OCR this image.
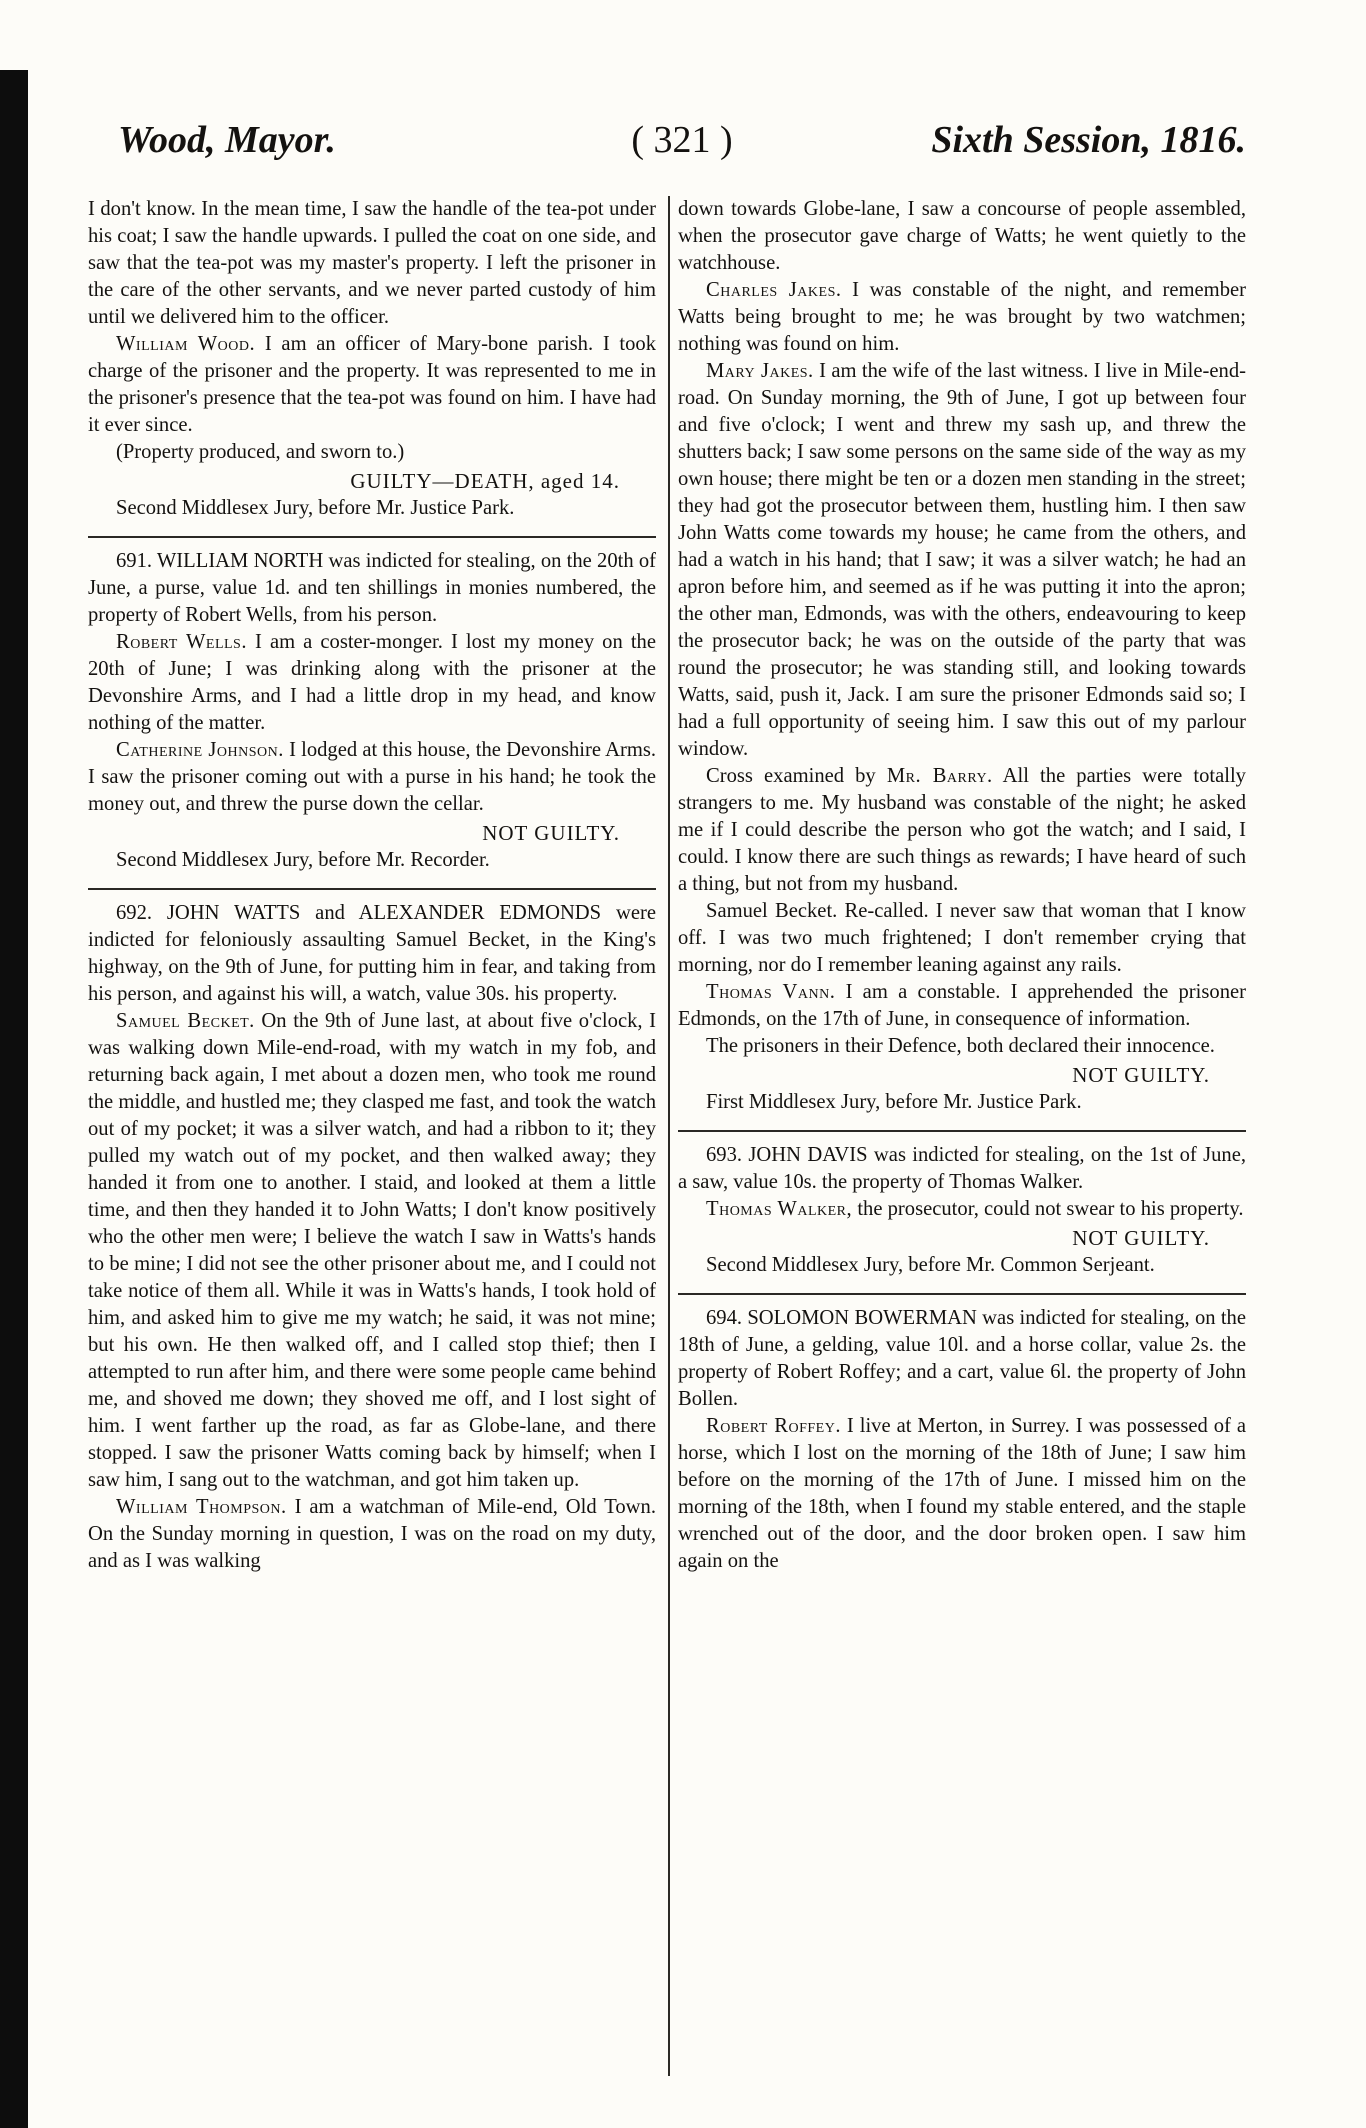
Wood, Mayor.	( 321 )	Sixth Session, 1816.

I don't know. In the mean time, I saw the handle of the tea-pot under his coat; I saw the handle upwards. I pulled the coat on one side, and saw that the tea-pot was my master's property. I left the prisoner in the care of the other servants, and we never parted custody of him until we delivered him to the officer.

William Wood. I am an officer of Mary-bone parish. I took charge of the prisoner and the property. It was represented to me in the prisoner's presence that the tea-pot was found on him. I have had it ever since.

(Property produced, and sworn to.)

GUILTY—DEATH, aged 14.

Second Middlesex Jury, before Mr. Justice Park.

691. WILLIAM NORTH was indicted for stealing, on the 20th of June, a purse, value 1d. and ten shillings in monies numbered, the property of Robert Wells, from his person.

Robert Wells. I am a coster-monger. I lost my money on the 20th of June; I was drinking along with the prisoner at the Devonshire Arms, and I had a little drop in my head, and know nothing of the matter.

Catherine Johnson. I lodged at this house, the Devonshire Arms. I saw the prisoner coming out with a purse in his hand; he took the money out, and threw the purse down the cellar.

NOT GUILTY.

Second Middlesex Jury, before Mr. Recorder.

692. JOHN WATTS and ALEXANDER EDMONDS were indicted for feloniously assaulting Samuel Becket, in the King's highway, on the 9th of June, for putting him in fear, and taking from his person, and against his will, a watch, value 30s. his property.

Samuel Becket. On the 9th of June last, at about five o'clock, I was walking down Mile-end-road, with my watch in my fob, and returning back again, I met about a dozen men, who took me round the middle, and hustled me; they clasped me fast, and took the watch out of my pocket; it was a silver watch, and had a ribbon to it; they pulled my watch out of my pocket, and then walked away; they handed it from one to another. I staid, and looked at them a little time, and then they handed it to John Watts; I don't know positively who the other men were; I believe the watch I saw in Watts's hands to be mine; I did not see the other prisoner about me, and I could not take notice of them all. While it was in Watts's hands, I took hold of him, and asked him to give me my watch; he said, it was not mine; but his own. He then walked off, and I called stop thief; then I attempted to run after him, and there were some people came behind me, and shoved me down; they shoved me off, and I lost sight of him. I went farther up the road, as far as Globe-lane, and there stopped. I saw the prisoner Watts coming back by himself; when I saw him, I sang out to the watchman, and got him taken up.

William Thompson. I am a watchman of Mile-end, Old Town. On the Sunday morning in question, I was on the road on my duty, and as I was walking

down towards Globe-lane, I saw a concourse of people assembled, when the prosecutor gave charge of Watts; he went quietly to the watchhouse.

Charles Jakes. I was constable of the night, and remember Watts being brought to me; he was brought by two watchmen; nothing was found on him.

Mary Jakes. I am the wife of the last witness. I live in Mile-end-road. On Sunday morning, the 9th of June, I got up between four and five o'clock; I went and threw my sash up, and threw the shutters back; I saw some persons on the same side of the way as my own house; there might be ten or a dozen men standing in the street; they had got the prosecutor between them, hustling him. I then saw John Watts come towards my house; he came from the others, and had a watch in his hand; that I saw; it was a silver watch; he had an apron before him, and seemed as if he was putting it into the apron; the other man, Edmonds, was with the others, endeavouring to keep the prosecutor back; he was on the outside of the party that was round the prosecutor; he was standing still, and looking towards Watts, said, push it, Jack. I am sure the prisoner Edmonds said so; I had a full opportunity of seeing him. I saw this out of my parlour window.

Cross examined by Mr. Barry. All the parties were totally strangers to me. My husband was constable of the night; he asked me if I could describe the person who got the watch; and I said, I could. I know there are such things as rewards; I have heard of such a thing, but not from my husband.

Samuel Becket. Re-called. I never saw that woman that I know off. I was two much frightened; I don't remember crying that morning, nor do I remember leaning against any rails.

Thomas Vann. I am a constable. I apprehended the prisoner Edmonds, on the 17th of June, in consequence of information.

The prisoners in their Defence, both declared their innocence.

NOT GUILTY.

First Middlesex Jury, before Mr. Justice Park.

693. JOHN DAVIS was indicted for stealing, on the 1st of June, a saw, value 10s. the property of Thomas Walker.

Thomas Walker, the prosecutor, could not swear to his property.

NOT GUILTY.

Second Middlesex Jury, before Mr. Common Serjeant.

694. SOLOMON BOWERMAN was indicted for stealing, on the 18th of June, a gelding, value 10l. and a horse collar, value 2s. the property of Robert Roffey; and a cart, value 6l. the property of John Bollen.

Robert Roffey. I live at Merton, in Surrey. I was possessed of a horse, which I lost on the morning of the 18th of June; I saw him before on the morning of the 17th of June. I missed him on the morning of the 18th, when I found my stable entered, and the staple wrenched out of the door, and the door broken open. I saw him again on the
